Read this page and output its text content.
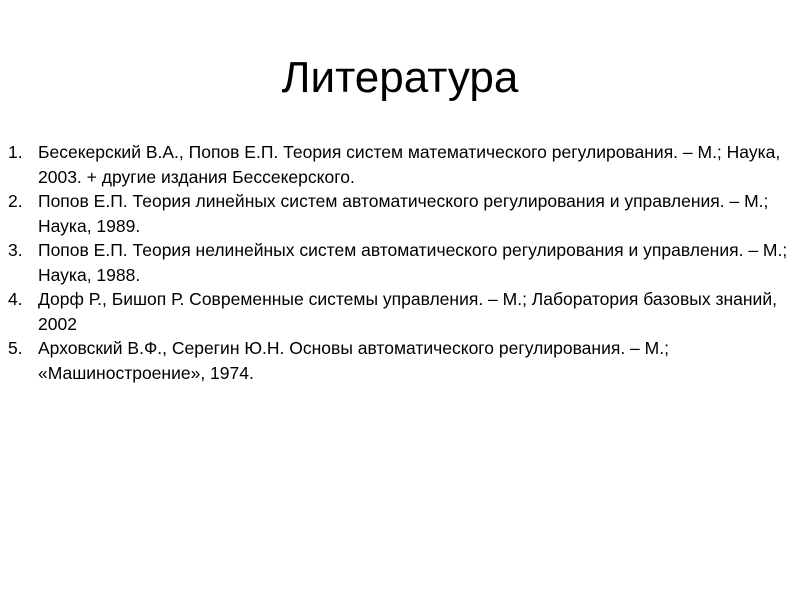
Литература
1. Бесекерский В.А., Попов Е.П. Теория систем математического регулирования. – М.; Наука, 2003. + другие издания Бессекерского.
2. Попов Е.П. Теория линейных систем автоматического регулирования и управления. – М.; Наука, 1989.
3. Попов Е.П. Теория нелинейных систем автоматического регулирования и управления. – М.; Наука, 1988.
4. Дорф Р., Бишоп Р. Современные системы управления. – М.; Лаборатория базовых знаний, 2002
5. Арховский В.Ф., Серегин Ю.Н. Основы автоматического регулирования. – М.; «Машиностроение», 1974.
